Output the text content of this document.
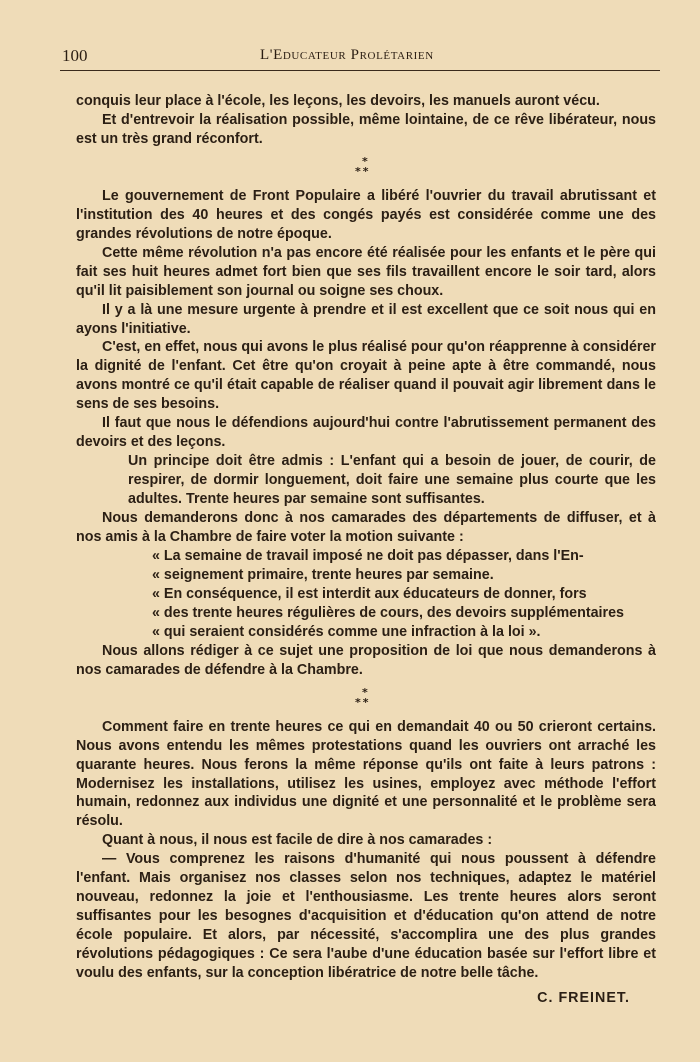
100	L'Educateur Prolétarien

conquis leur place à l'école, les leçons, les devoirs, les manuels auront vécu.

Et d'entrevoir la réalisation possible, même lointaine, de ce rêve libérateur, nous est un très grand réconfort.

*
**

Le gouvernement de Front Populaire a libéré l'ouvrier du travail abrutissant et l'institution des 40 heures et des congés payés est considérée comme une des grandes révolutions de notre époque.

Cette même révolution n'a pas encore été réalisée pour les enfants et le père qui fait ses huit heures admet fort bien que ses fils travaillent encore le soir tard, alors qu'il lit paisiblement son journal ou soigne ses choux.

Il y a là une mesure urgente à prendre et il est excellent que ce soit nous qui en ayons l'initiative.

C'est, en effet, nous qui avons le plus réalisé pour qu'on réapprenne à considérer la dignité de l'enfant. Cet être qu'on croyait à peine apte à être commandé, nous avons montré ce qu'il était capable de réaliser quand il pouvait agir librement dans le sens de ses besoins.

Il faut que nous le défendions aujourd'hui contre l'abrutissement permanent des devoirs et des leçons.

Un principe doit être admis : L'enfant qui a besoin de jouer, de courir, de respirer, de dormir longuement, doit faire une semaine plus courte que les adultes. Trente heures par semaine sont suffisantes.

Nous demanderons donc à nos camarades des départements de diffuser, et à nos amis à la Chambre de faire voter la motion suivante :

« La semaine de travail imposé ne doit pas dépasser, dans l'En-

« seignement primaire, trente heures par semaine.

« En conséquence, il est interdit aux éducateurs de donner, fors

« des trente heures régulières de cours, des devoirs supplémentaires

« qui seraient considérés comme une infraction à la loi ».

Nous allons rédiger à ce sujet une proposition de loi que nous demanderons à nos camarades de défendre à la Chambre.

*
**

Comment faire en trente heures ce qui en demandait 40 ou 50 crieront certains. Nous avons entendu les mêmes protestations quand les ouvriers ont arraché les quarante heures. Nous ferons la même réponse qu'ils ont faite à leurs patrons : Modernisez les installations, utilisez les usines, employez avec méthode l'effort humain, redonnez aux individus une dignité et une personnalité et le problème sera résolu.

Quant à nous, il nous est facile de dire à nos camarades :

— Vous comprenez les raisons d'humanité qui nous poussent à défendre l'enfant. Mais organisez nos classes selon nos techniques, adaptez le matériel nouveau, redonnez la joie et l'enthousiasme. Les trente heures alors seront suffisantes pour les besognes d'acquisition et d'éducation qu'on attend de notre école populaire. Et alors, par nécessité, s'accomplira une des plus grandes révolutions pédagogiques : Ce sera l'aube d'une éducation basée sur l'effort libre et voulu des enfants, sur la conception libératrice de notre belle tâche.

C. FREINET.
